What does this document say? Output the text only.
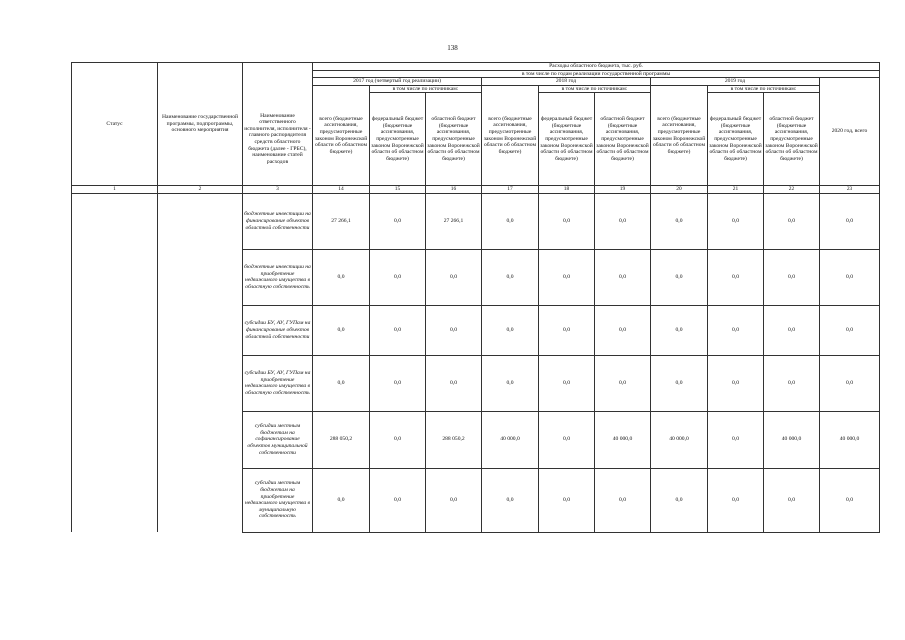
138
Статус	Наименование государственной программы, подпрограммы, основного мероприятия	Наименование ответственного исполнителя, исполнителя - главного распорядителя средств областного бюджета (далее - ГРБС), наименование статей расходов	Расходы областного бюджета, тыс. руб.									
			в том числе по годам реализации государственной программы									
			2017 год (четвертый год реализации)			2018 год			2019 год			2020 год, всего
			всего (бюджетные ассигнования, предусмотренные законом Воронежской области об областном бюджете)	в том числе по источникам:		всего (бюджетные ассигнования, предусмотренные законом Воронежской области об областном бюджете)	в том числе по источникам:		всего (бюджетные ассигнования, предусмотренные законом Воронежской области об областном бюджете)	в том числе по источникам:		
				федеральный бюджет (бюджетные ассигнования, предусмотренные законом Воронежской области об областном бюджете)	областной бюджет (бюджетные ассигнования, предусмотренные законом Воронежской области об областном бюджете)		федеральный бюджет (бюджетные ассигнования, предусмотренные законом Воронежской области об областном бюджете)	областной бюджет (бюджетные ассигнования, предусмотренные законом Воронежской области об областном бюджете)		федеральный бюджет (бюджетные ассигнования, предусмотренные законом Воронежской области об областном бюджете)	областной бюджет (бюджетные ассигнования, предусмотренные законом Воронежской области об областном бюджете)	
1	2	3	14	15	16	17	18	19	20	21	22	23
		бюджетные инвестиции на финансирование объектов областной собственности	27 266,1	0,0	27 266,1	0,0	0,0	0,0	0,0	0,0	0,0	0,0
		бюджетные инвестиции на приобретение недвижимого имущества в областную собственность	0,0	0,0	0,0	0,0	0,0	0,0	0,0	0,0	0,0	0,0
		субсидии БУ, АУ, ГУПам на финансирование объектов областной собственности	0,0	0,0	0,0	0,0	0,0	0,0	0,0	0,0	0,0	0,0
		субсидии БУ, АУ, ГУПам на приобретение недвижимого имущества в областную собственность	0,0	0,0	0,0	0,0	0,0	0,0	0,0	0,0	0,0	0,0
		субсидии местным бюджетам на софинансирование объектов муниципальной собственности	288 050,2	0,0	288 050,2	40 000,0	0,0	40 000,0	40 000,0	0,0	40 000,0	40 000,0
		субсидии местным бюджетам на приобретение недвижимого имущества в муниципальную собственность	0,0	0,0	0,0	0,0	0,0	0,0	0,0	0,0	0,0	0,0
